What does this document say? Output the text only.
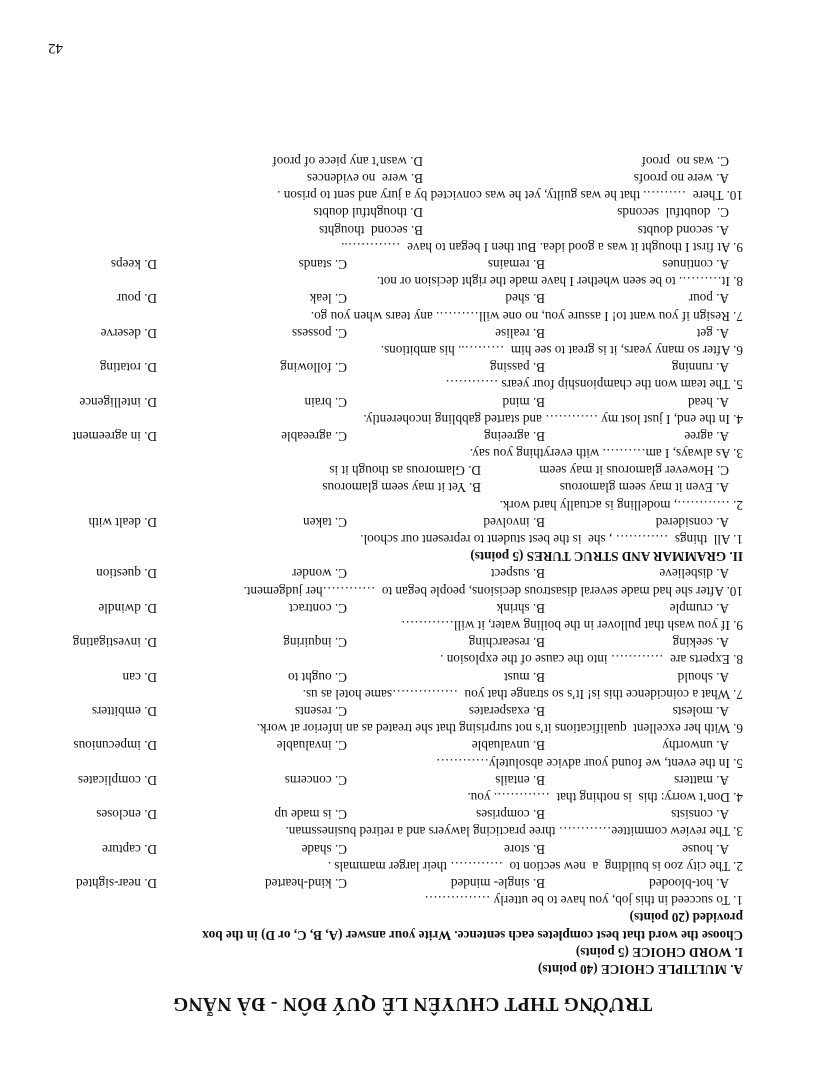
42
TRƯỜNG THPT CHUYÊN LÊ QUÝ ĐÔN - ĐÀ NẴNG
A. MULTIPLE CHOICE (40 points)
I. WORD CHOICE (5 points)
Choose the word that best completes each sentence. Write your answer (A, B, C, or D) in the box
provided (20 points)
1. To succeed in this job, you have to be utterly ……………
A. hot-blooded
B. single- minded
C. kind-hearted
D. near-sighted
2. The city zoo is building  a  new section to  ………… their larger mammals .
A. house
B. store
C. shade
D. capture
3. The review committee………… three practicing lawyers and a retired businessman.
A. consists
B. comprises
C. is made up
D. encloses
4. Don’t worry: this  is nothing that  …………. you.
A. matters
B. entails
C. concerns
D. complicates
5. In the event, we found your advice absolutely…………
A. unworthy
B. unvaluable
C. invaluable
D. impecunious
6. With her excellent  qualifications it’s not surprising that she treated as an inferior at work.
A. molests
B. exasperates
C. resents
D. embitters
7. What a coincidence this is! It’s so strange that you  ……………same hotel as us.
A. should
B. must
C. ought to
D. can
8. Experts are  ………… into the cause of the explosion .
A. seeking
B. researching
C. inquiring
D. investigating
9. If you wash that pullover in the boiling water, it will…………
A. crumple
B. shrink
C. contract
D. dwindle
10. After she had made several disastrous decisions, people began to  …………her judgement.
A. disbelieve
B. suspect
C. wonder
D. question
II. GRAMMAR AND STRUC TURES (5 points)
1. All  things  ………… , she  is the best student to represent our school.
A. considered
B. involved
C. taken
D. dealt with
2. …………, modelling is actually hard work.
A. Even it may seem glamorous
B. Yet it may seem glamorous
C. However glamorous it may seem
D. Glamorous as though it is
3. As always, I am………. with everything you say.
A. agree
B. agreeing
C. agreeable
D. in agreement
4. In the end, I just lost my ………… and started gabbling incoherently.
A. head
B. mind
C. brain
D. intelligence
5. The team won the championship four years …………
A. running
B. passing
C. following
D. rotating
6. After so many years, it is great to see him  ……….. his ambitions.
A. get
B. realise
C. possess
D. deserve
7. Resign if you want to! I assure you, no one will………. any tears when you go.
A. pour
B. shed
C. leak
D. pour
8. It………. to be seen whether I have made the right decision or not.
A. continues
B. remains
C. stands
D. keeps
9. At first I thought it was a good idea. But then I began to have  …………..
A. second doubts
B. second  thoughts
C.  doubtful  seconds
D. thoughtful doubts
10. There  ………. that he was guilty, yet he was convicted by a jury and sent to prison .
A. were no proofs
B. were  no evidences
C. was no  proof
D. wasn’t any piece of proof
